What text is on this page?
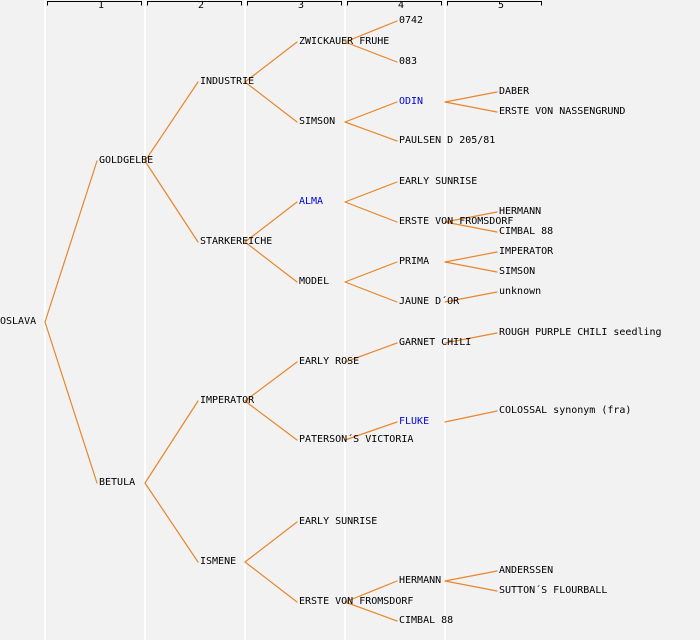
1	2	3	4	5
OSLAVA
GOLDGELBE
BETULA
INDUSTRIE
STARKEREICHE
IMPERATOR
ISMENE
ZWICKAUER FRUHE
SIMSON
ALMA
MODEL
EARLY ROSE
PATERSON´S VICTORIA
EARLY SUNRISE
ERSTE VON FROMSDORF
0742
083
ODIN
PAULSEN D 205/81
EARLY SUNRISE
ERSTE VON FROMSDORF
PRIMA
JAUNE D´OR
GARNET CHILI
FLUKE
HERMANN
CIMBAL 88
DABER
ERSTE VON NASSENGRUND
HERMANN
CIMBAL 88
IMPERATOR
SIMSON
unknown
ROUGH PURPLE CHILI seedling
COLOSSAL synonym (fra)
ANDERSSEN
SUTTON´S FLOURBALL
